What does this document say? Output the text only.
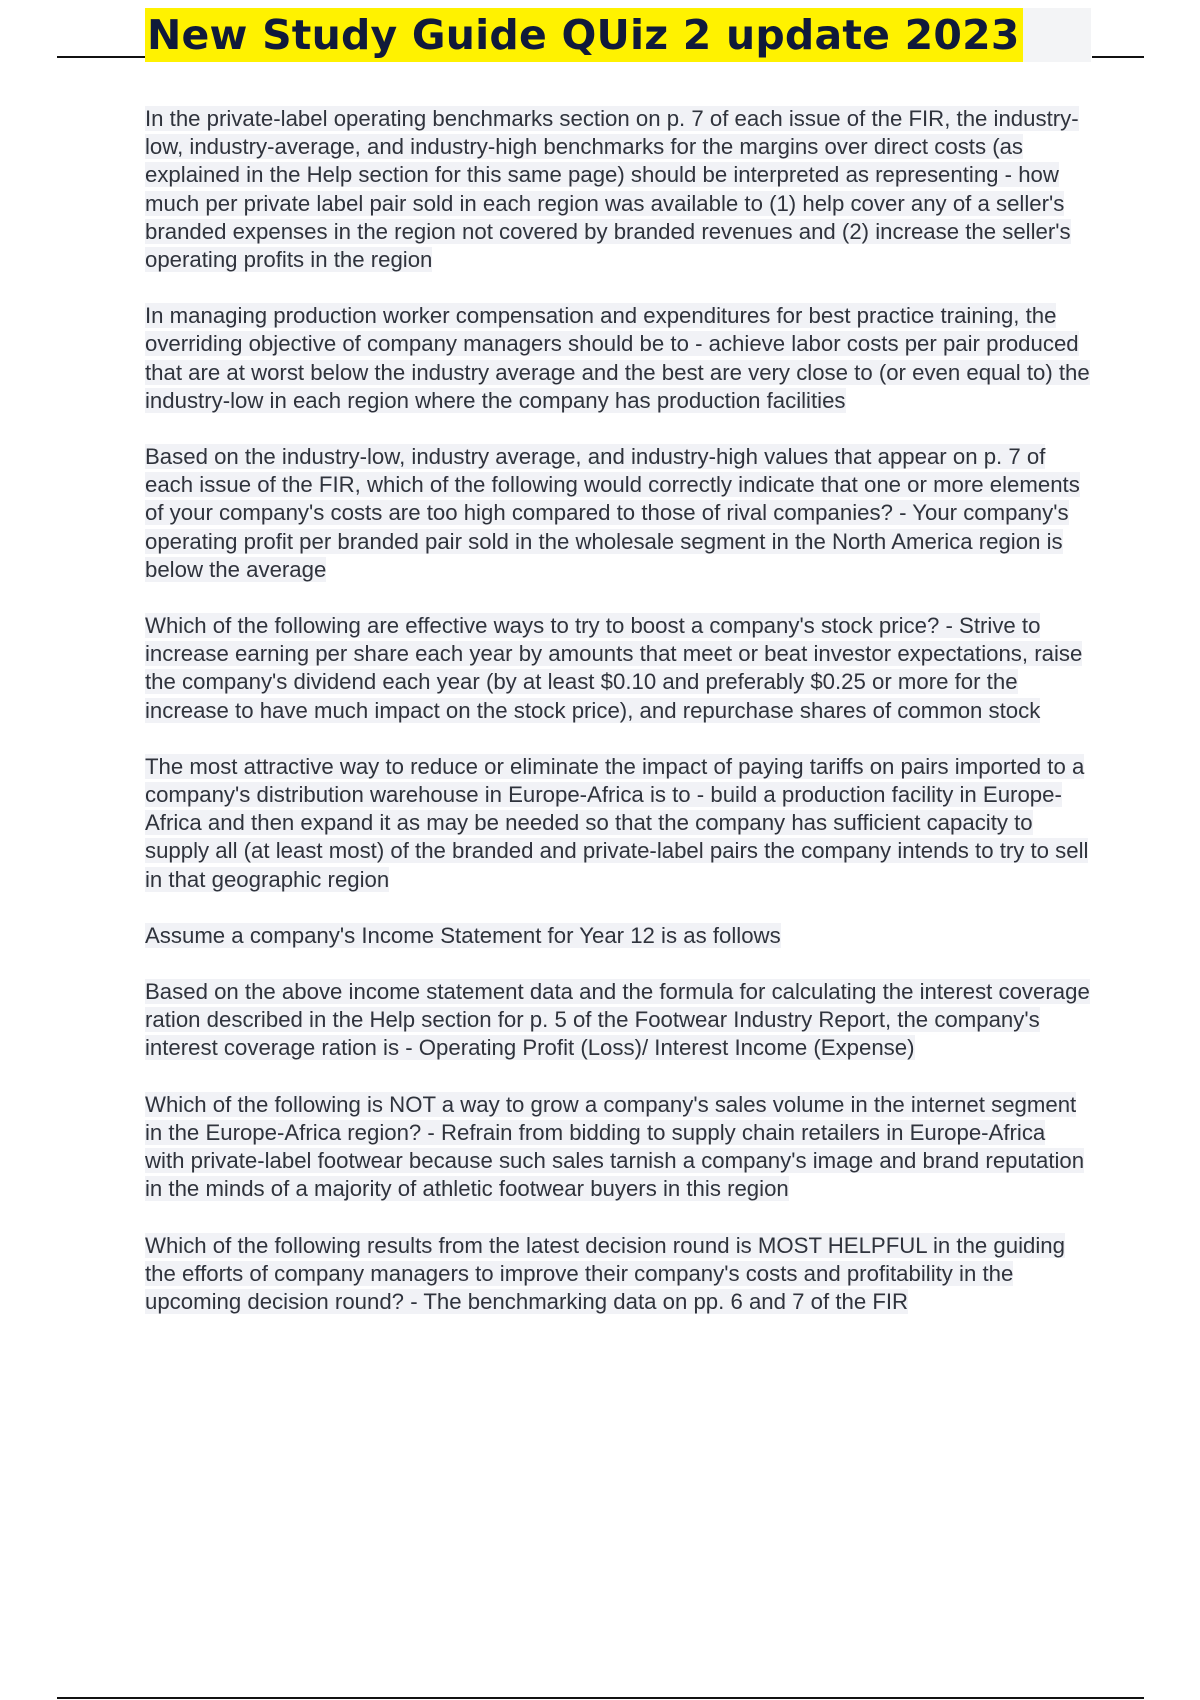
New Study Guide QUiz 2 update 2023

In the private-label operating benchmarks section on p. 7 of each issue of the FIR, the industry-low, industry-average, and industry-high benchmarks for the margins over direct costs (as explained in the Help section for this same page) should be interpreted as representing - how much per private label pair sold in each region was available to (1) help cover any of a seller's branded expenses in the region not covered by branded revenues and (2) increase the seller's operating profits in the region

In managing production worker compensation and expenditures for best practice training, the overriding objective of company managers should be to - achieve labor costs per pair produced that are at worst below the industry average and the best are very close to (or even equal to) the industry-low in each region where the company has production facilities

Based on the industry-low, industry average, and industry-high values that appear on p. 7 of each issue of the FIR, which of the following would correctly indicate that one or more elements of your company's costs are too high compared to those of rival companies? - Your company's operating profit per branded pair sold in the wholesale segment in the North America region is below the average

Which of the following are effective ways to try to boost a company's stock price? - Strive to increase earning per share each year by amounts that meet or beat investor expectations, raise the company's dividend each year (by at least $0.10 and preferably $0.25 or more for the increase to have much impact on the stock price), and repurchase shares of common stock

The most attractive way to reduce or eliminate the impact of paying tariffs on pairs imported to a company's distribution warehouse in Europe-Africa is to - build a production facility in Europe-Africa and then expand it as may be needed so that the company has sufficient capacity to supply all (at least most) of the branded and private-label pairs the company intends to try to sell in that geographic region

Assume a company's Income Statement for Year 12 is as follows

Based on the above income statement data and the formula for calculating the interest coverage ration described in the Help section for p. 5 of the Footwear Industry Report, the company's interest coverage ration is - Operating Profit (Loss)/ Interest Income (Expense)

Which of the following is NOT a way to grow a company's sales volume in the internet segment in the Europe-Africa region? - Refrain from bidding to supply chain retailers in Europe-Africa with private-label footwear because such sales tarnish a company's image and brand reputation in the minds of a majority of athletic footwear buyers in this region

Which of the following results from the latest decision round is MOST HELPFUL in the guiding the efforts of company managers to improve their company's costs and profitability in the upcoming decision round? - The benchmarking data on pp. 6 and 7 of the FIR
